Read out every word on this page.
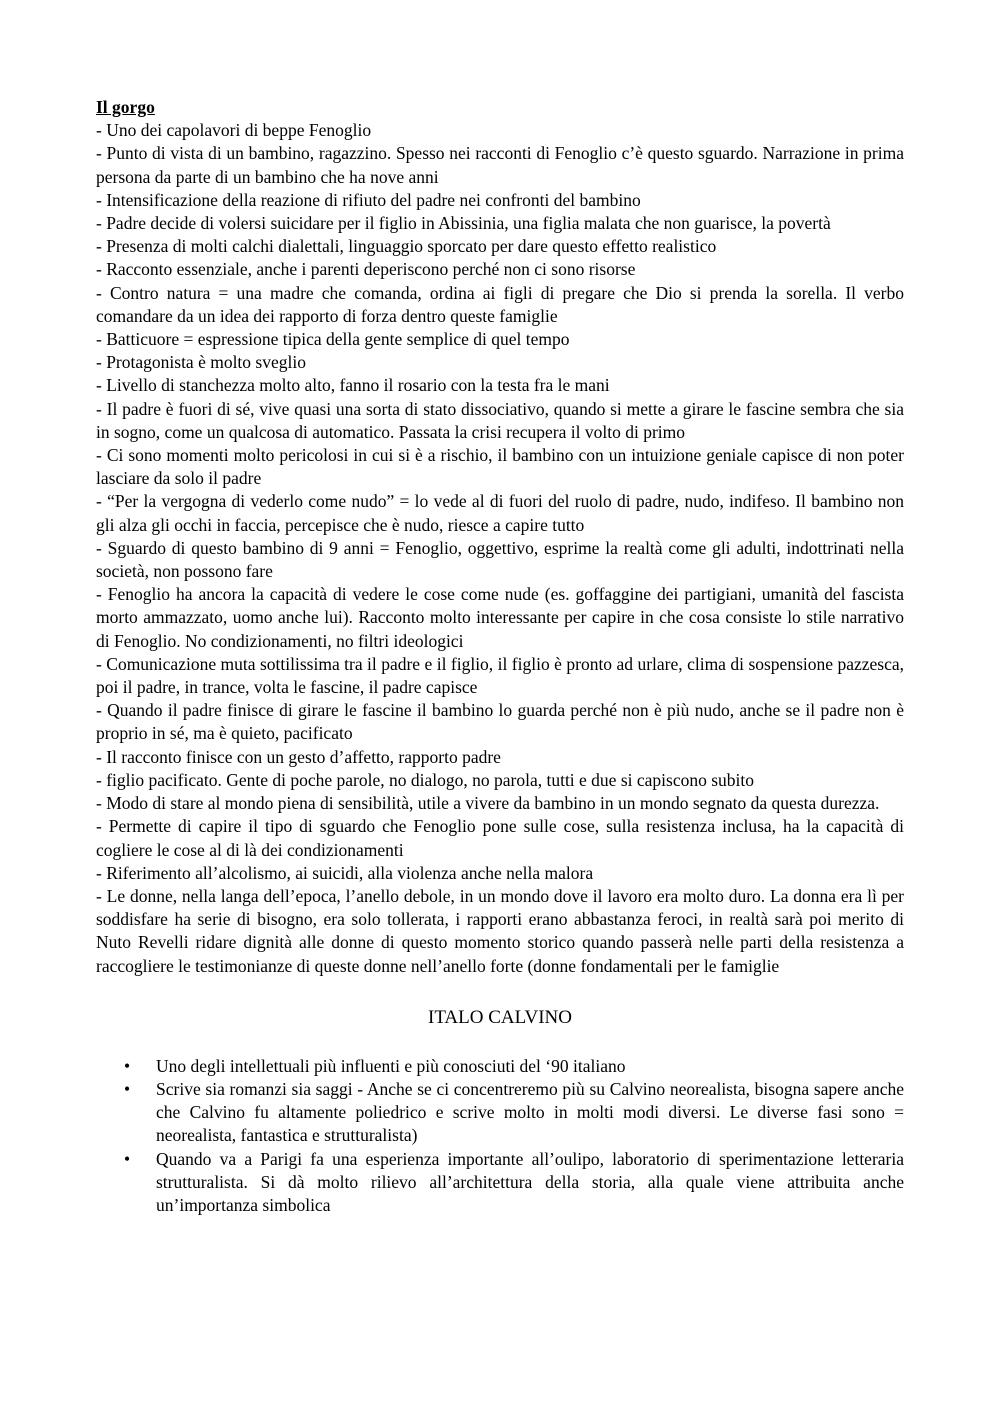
Il gorgo

- Uno dei capolavori di beppe Fenoglio

- Punto di vista di un bambino, ragazzino. Spesso nei racconti di Fenoglio c’è questo sguardo. Narrazione in prima persona da parte di un bambino che ha nove anni

- Intensificazione della reazione di rifiuto del padre nei confronti del bambino

- Padre decide di volersi suicidare per il figlio in Abissinia, una figlia malata che non guarisce, la povertà

- Presenza di molti calchi dialettali, linguaggio sporcato per dare questo effetto realistico

- Racconto essenziale, anche i parenti deperiscono perché non ci sono risorse

- Contro natura = una madre che comanda, ordina ai figli di pregare che Dio si prenda la sorella. Il verbo comandare da un idea dei rapporto di forza dentro queste famiglie

- Batticuore = espressione tipica della gente semplice di quel tempo

- Protagonista è molto sveglio

- Livello di stanchezza molto alto, fanno il rosario con la testa fra le mani

- Il padre è fuori di sé, vive quasi una sorta di stato dissociativo, quando si mette a girare le fascine sembra che sia in sogno, come un qualcosa di automatico. Passata la crisi recupera il volto di primo

- Ci sono momenti molto pericolosi in cui si è a rischio, il bambino con un intuizione geniale capisce di non poter lasciare da solo il padre

- “Per la vergogna di vederlo come nudo” = lo vede al di fuori del ruolo di padre, nudo, indifeso. Il bambino non gli alza gli occhi in faccia, percepisce che è nudo, riesce a capire tutto

- Sguardo di questo bambino di 9 anni = Fenoglio, oggettivo, esprime la realtà come gli adulti, indottrinati nella società, non possono fare

- Fenoglio ha ancora la capacità di vedere le cose come nude (es. goffaggine dei partigiani, umanità del fascista morto ammazzato, uomo anche lui). Racconto molto interessante per capire in che cosa consiste lo stile narrativo di Fenoglio. No condizionamenti, no filtri ideologici

- Comunicazione muta sottilissima tra il padre e il figlio, il figlio è pronto ad urlare, clima di sospensione pazzesca, poi il padre, in trance, volta le fascine, il padre capisce

- Quando il padre finisce di girare le fascine il bambino lo guarda perché non è più nudo, anche se il padre non è proprio in sé, ma è quieto, pacificato

- Il racconto finisce con un gesto d’affetto, rapporto padre

- figlio pacificato. Gente di poche parole, no dialogo, no parola, tutti e due si capiscono subito

- Modo di stare al mondo piena di sensibilità, utile a vivere da bambino in un mondo segnato da questa durezza.

- Permette di capire il tipo di sguardo che Fenoglio pone sulle cose, sulla resistenza inclusa, ha la capacità di cogliere le cose al di là dei condizionamenti

- Riferimento all’alcolismo, ai suicidi, alla violenza anche nella malora

- Le donne, nella langa dell’epoca, l’anello debole, in un mondo dove il lavoro era molto duro. La donna era lì per soddisfare ha serie di bisogno, era solo tollerata, i rapporti erano abbastanza feroci, in realtà sarà poi merito di Nuto Revelli ridare dignità alle donne di questo momento storico quando passerà nelle parti della resistenza a raccogliere le testimonianze di queste donne nell’anello forte (donne fondamentali per le famiglie

ITALO CALVINO
• Uno degli intellettuali più influenti e più conosciuti del ‘90 italiano
• Scrive sia romanzi sia saggi - Anche se ci concentreremo più su Calvino neorealista, bisogna sapere anche che Calvino fu altamente poliedrico e scrive molto in molti modi diversi. Le diverse fasi sono = neorealista, fantastica e strutturalista)
• Quando va a Parigi fa una esperienza importante all’oulipo, laboratorio di sperimentazione letteraria strutturalista. Si dà molto rilievo all’architettura della storia, alla quale viene attribuita anche un’importanza simbolica
